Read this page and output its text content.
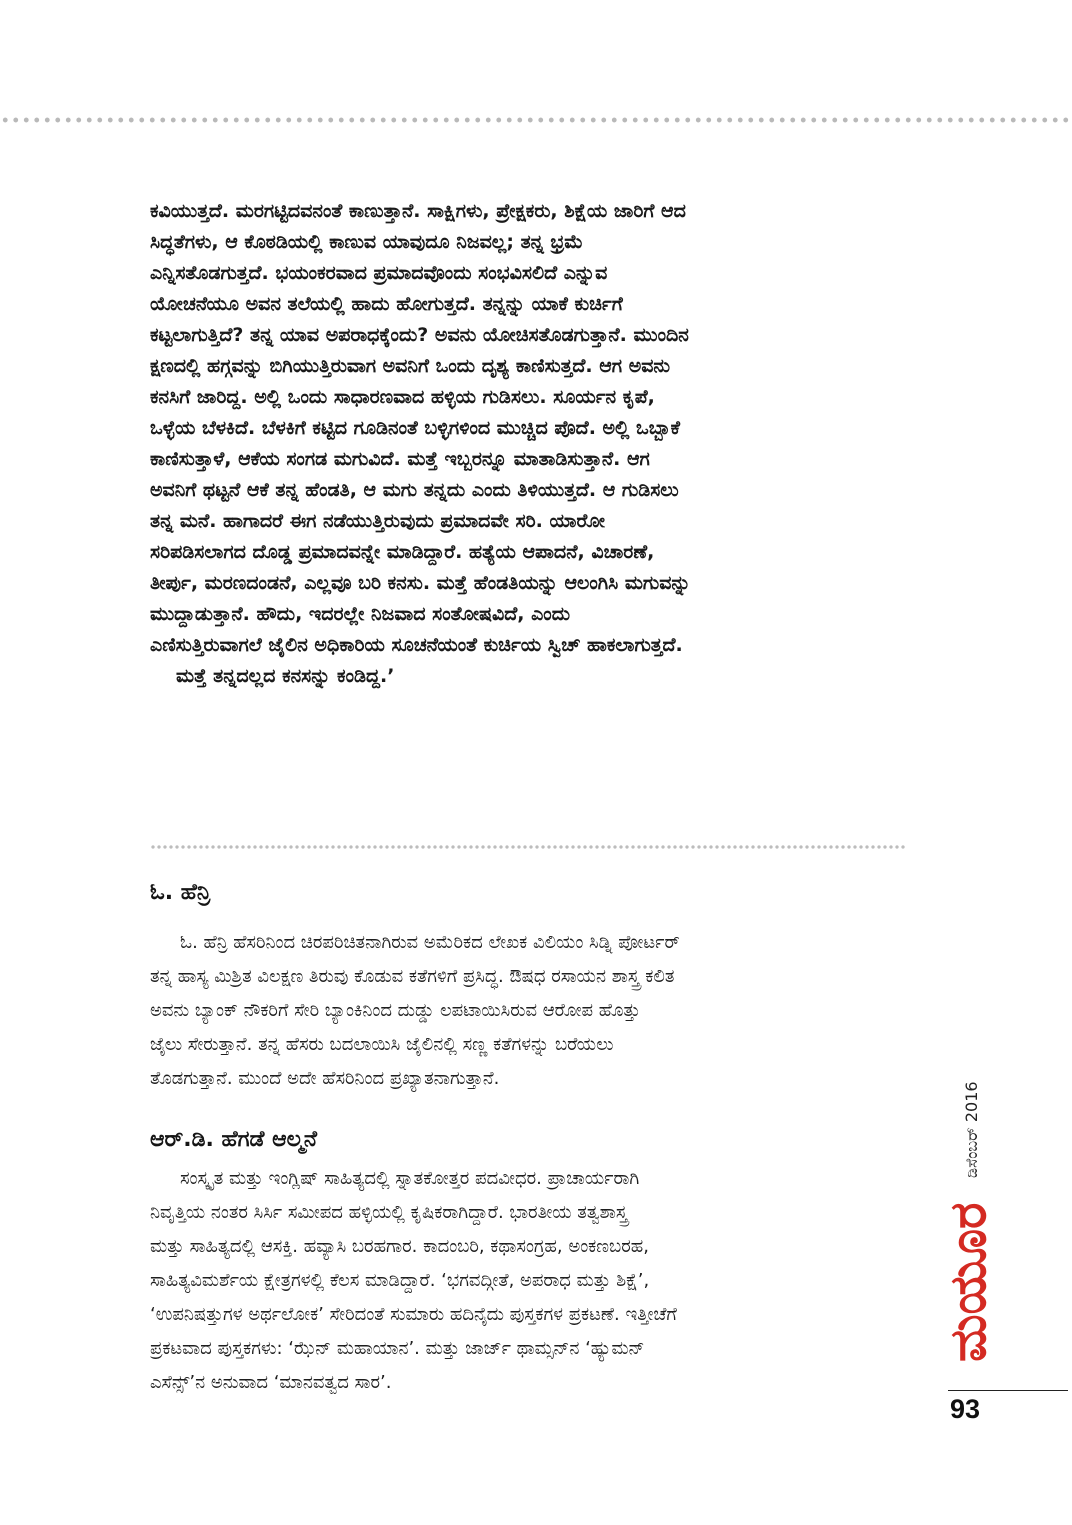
ಕವಿಯುತ್ತದೆ. ಮರಗಟ್ಟಿದವನಂತೆ ಕಾಣುತ್ತಾನೆ. ಸಾಕ್ಷಿಗಳು, ಪ್ರೇಕ್ಷಕರು, ಶಿಕ್ಷೆಯ ಜಾರಿಗೆ ಆದ
ಸಿದ್ಧತೆಗಳು, ಆ ಕೊಠಡಿಯಲ್ಲಿ ಕಾಣುವ ಯಾವುದೂ ನಿಜವಲ್ಲ; ತನ್ನ ಭ್ರಮೆ
ಎನ್ನಿಸತೊಡಗುತ್ತದೆ. ಭಯಂಕರವಾದ ಪ್ರಮಾದವೊಂದು ಸಂಭವಿಸಲಿದೆ ಎನ್ನುವ
ಯೋಚನೆಯೂ ಅವನ ತಲೆಯಲ್ಲಿ ಹಾದು ಹೋಗುತ್ತದೆ. ತನ್ನನ್ನು ಯಾಕೆ ಕುರ್ಚಿಗೆ
ಕಟ್ಟಲಾಗುತ್ತಿದೆ? ತನ್ನ ಯಾವ ಅಪರಾಧಕ್ಕೆಂದು? ಅವನು ಯೋಚಿಸತೊಡಗುತ್ತಾನೆ. ಮುಂದಿನ
ಕ್ಷಣದಲ್ಲಿ ಹಗ್ಗವನ್ನು ಬಿಗಿಯುತ್ತಿರುವಾಗ ಅವನಿಗೆ ಒಂದು ದೃಶ್ಯ ಕಾಣಿಸುತ್ತದೆ. ಆಗ ಅವನು
ಕನಸಿಗೆ ಜಾರಿದ್ದ. ಅಲ್ಲಿ ಒಂದು ಸಾಧಾರಣವಾದ ಹಳ್ಳಿಯ ಗುಡಿಸಲು. ಸೂರ್ಯನ ಕೃಪೆ,
ಒಳ್ಳೆಯ ಬೆಳಕಿದೆ. ಬೆಳಕಿಗೆ ಕಟ್ಟಿದ ಗೂಡಿನಂತೆ ಬಳ್ಳಿಗಳಿಂದ ಮುಚ್ಚಿದ ಪೊದೆ. ಅಲ್ಲಿ ಒಬ್ಬಾಕೆ
ಕಾಣಿಸುತ್ತಾಳೆ, ಆಕೆಯ ಸಂಗಡ ಮಗುವಿದೆ. ಮತ್ತೆ ಇಬ್ಬರನ್ನೂ ಮಾತಾಡಿಸುತ್ತಾನೆ. ಆಗ
ಅವನಿಗೆ ಥಟ್ಟನೆ ಆಕೆ ತನ್ನ ಹೆಂಡತಿ, ಆ ಮಗು ತನ್ನದು ಎಂದು ತಿಳಿಯುತ್ತದೆ. ಆ ಗುಡಿಸಲು
ತನ್ನ ಮನೆ. ಹಾಗಾದರೆ ಈಗ ನಡೆಯುತ್ತಿರುವುದು ಪ್ರಮಾದವೇ ಸರಿ. ಯಾರೋ
ಸರಿಪಡಿಸಲಾಗದ ದೊಡ್ಡ ಪ್ರಮಾದವನ್ನೇ ಮಾಡಿದ್ದಾರೆ. ಹತ್ಯೆಯ ಆಪಾದನೆ, ವಿಚಾರಣೆ,
ತೀರ್ಪು, ಮರಣದಂಡನೆ, ಎಲ್ಲವೂ ಬರಿ ಕನಸು. ಮತ್ತೆ ಹೆಂಡತಿಯನ್ನು ಆಲಂಗಿಸಿ ಮಗುವನ್ನು
ಮುದ್ದಾಡುತ್ತಾನೆ. ಹೌದು, ಇದರಲ್ಲೇ ನಿಜವಾದ ಸಂತೋಷವಿದೆ, ಎಂದು
ಎಣಿಸುತ್ತಿರುವಾಗಲೆ ಜೈಲಿನ ಅಧಿಕಾರಿಯ ಸೂಚನೆಯಂತೆ ಕುರ್ಚಿಯ ಸ್ವಿಚ್ ಹಾಕಲಾಗುತ್ತದೆ.
ಮತ್ತೆ ತನ್ನದಲ್ಲದ ಕನಸನ್ನು ಕಂಡಿದ್ದ.’
ಓ. ಹೆನ್ರಿ
ಓ. ಹೆನ್ರಿ ಹೆಸರಿನಿಂದ ಚಿರಪರಿಚಿತನಾಗಿರುವ ಅಮೆರಿಕದ ಲೇಖಕ ವಿಲಿಯಂ ಸಿಡ್ನಿ ಪೋರ್ಟರ್
ತನ್ನ ಹಾಸ್ಯ ಮಿಶ್ರಿತ ವಿಲಕ್ಷಣ ತಿರುವು ಕೊಡುವ ಕತೆಗಳಿಗೆ ಪ್ರಸಿದ್ಧ. ಔಷಧ ರಸಾಯನ ಶಾಸ್ತ್ರ ಕಲಿತ
ಅವನು ಬ್ಯಾಂಕ್ ನೌಕರಿಗೆ ಸೇರಿ ಬ್ಯಾಂಕಿನಿಂದ ದುಡ್ಡು ಲಪಟಾಯಿಸಿರುವ ಆರೋಪ ಹೊತ್ತು
ಜೈಲು ಸೇರುತ್ತಾನೆ. ತನ್ನ ಹೆಸರು ಬದಲಾಯಿಸಿ ಜೈಲಿನಲ್ಲಿ ಸಣ್ಣ ಕತೆಗಳನ್ನು ಬರೆಯಲು
ತೊಡಗುತ್ತಾನೆ. ಮುಂದೆ ಅದೇ ಹೆಸರಿನಿಂದ ಪ್ರಖ್ಯಾತನಾಗುತ್ತಾನೆ.
ಆರ್.ಡಿ. ಹೆಗಡೆ ಆಲ್ಮನೆ
ಸಂಸ್ಕೃತ ಮತ್ತು ಇಂಗ್ಲಿಷ್ ಸಾಹಿತ್ಯದಲ್ಲಿ ಸ್ನಾತಕೋತ್ತರ ಪದವೀಧರ. ಪ್ರಾಚಾರ್ಯರಾಗಿ
ನಿವೃತ್ತಿಯ ನಂತರ ಸಿರ್ಸಿ ಸಮೀಪದ ಹಳ್ಳಿಯಲ್ಲಿ ಕೃಷಿಕರಾಗಿದ್ದಾರೆ. ಭಾರತೀಯ ತತ್ವಶಾಸ್ತ್ರ
ಮತ್ತು ಸಾಹಿತ್ಯದಲ್ಲಿ ಆಸಕ್ತಿ. ಹವ್ಯಾಸಿ ಬರಹಗಾರ. ಕಾದಂಬರಿ, ಕಥಾಸಂಗ್ರಹ, ಅಂಕಣಬರಹ,
ಸಾಹಿತ್ಯವಿಮರ್ಶೆಯ ಕ್ಷೇತ್ರಗಳಲ್ಲಿ ಕೆಲಸ ಮಾಡಿದ್ದಾರೆ. ‘ಭಗವದ್ಗೀತೆ, ಅಪರಾಧ ಮತ್ತು ಶಿಕ್ಷೆ’,
‘ಉಪನಿಷತ್ತುಗಳ ಅರ್ಥಲೋಕ’ ಸೇರಿದಂತೆ ಸುಮಾರು ಹದಿನೈದು ಪುಸ್ತಕಗಳ ಪ್ರಕಟಣೆ. ಇತ್ತೀಚೆಗೆ
ಪ್ರಕಟವಾದ ಪುಸ್ತಕಗಳು: ‘ಝೆನ್ ಮಹಾಯಾನ’. ಮತ್ತು ಜಾರ್ಜ್ ಥಾಮ್ಸನ್‌ನ ‘ಹ್ಯುಮನ್
ಎಸೆನ್ಸ್’ನ ಅನುವಾದ ‘ಮಾನವತ್ವದ ಸಾರ’.
ಮಯೂರ
ಡಿಸೆಂಬರ್ 2016
93
